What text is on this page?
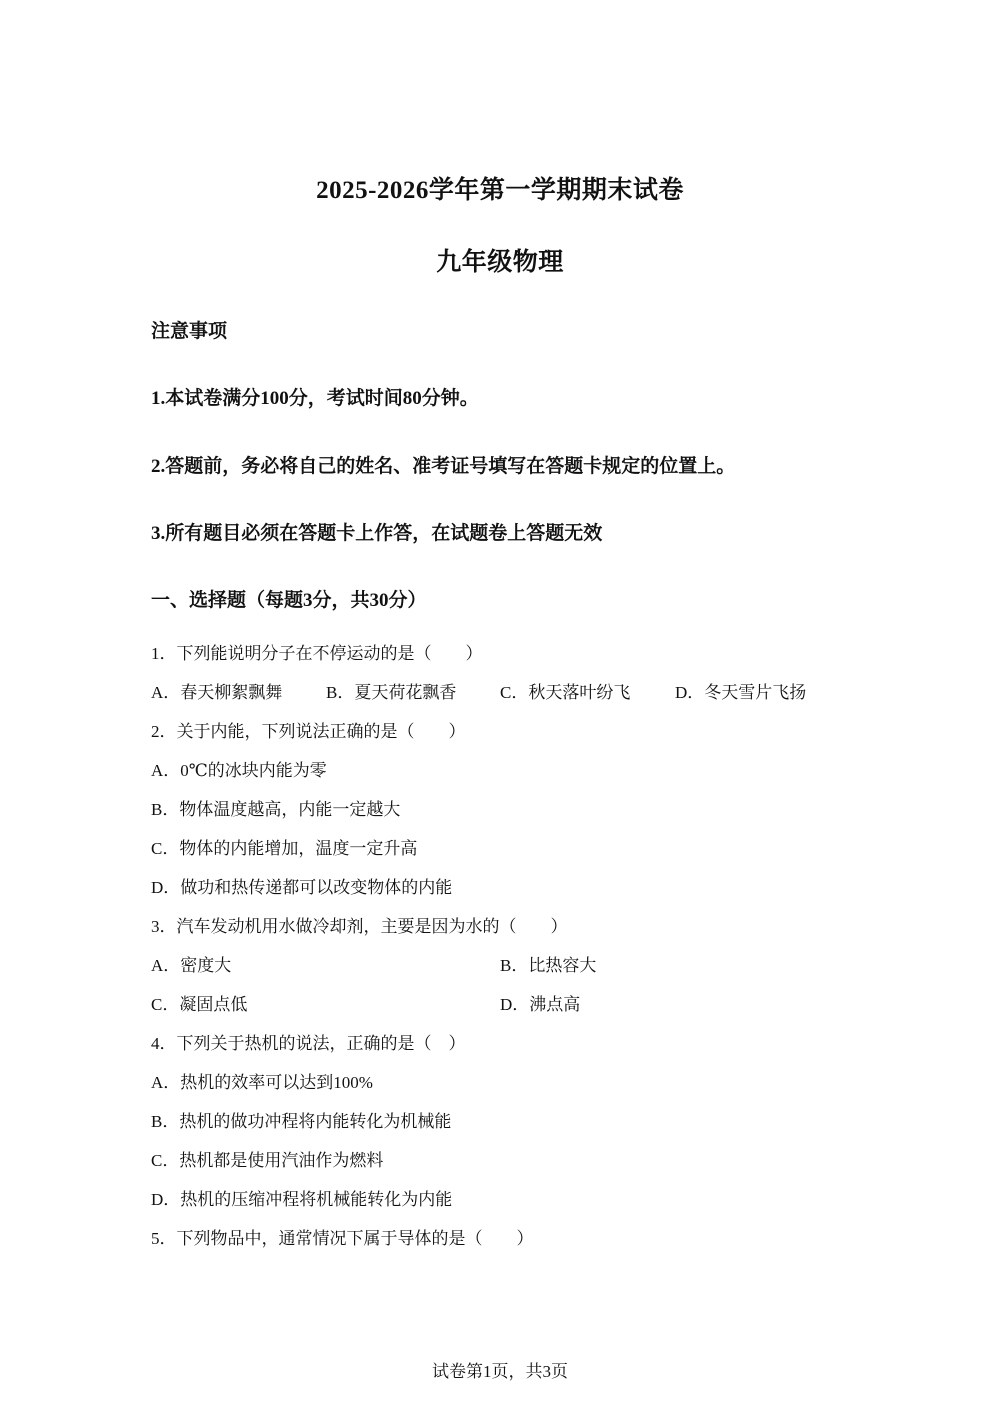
2025-2026学年第一学期期末试卷
九年级物理
注意事项
1.本试卷满分100分，考试时间80分钟。
2.答题前，务必将自己的姓名、准考证号填写在答题卡规定的位置上。
3.所有题目必须在答题卡上作答，在试题卷上答题无效
一、选择题（每题3分，共30分）
1．下列能说明分子在不停运动的是（　　）
A．春天柳絮飘舞	B．夏天荷花飘香	C．秋天落叶纷飞	D．冬天雪片飞扬
2．关于内能，下列说法正确的是（　　）
A．0℃的冰块内能为零
B．物体温度越高，内能一定越大
C．物体的内能增加，温度一定升高
D．做功和热传递都可以改变物体的内能
3．汽车发动机用水做冷却剂，主要是因为水的（　　）
A．密度大	B．比热容大
C．凝固点低	D．沸点高
4．下列关于热机的说法，正确的是（　）
A．热机的效率可以达到100%
B．热机的做功冲程将内能转化为机械能
C．热机都是使用汽油作为燃料
D．热机的压缩冲程将机械能转化为内能
5．下列物品中，通常情况下属于导体的是（　　）
试卷第1页，共3页
